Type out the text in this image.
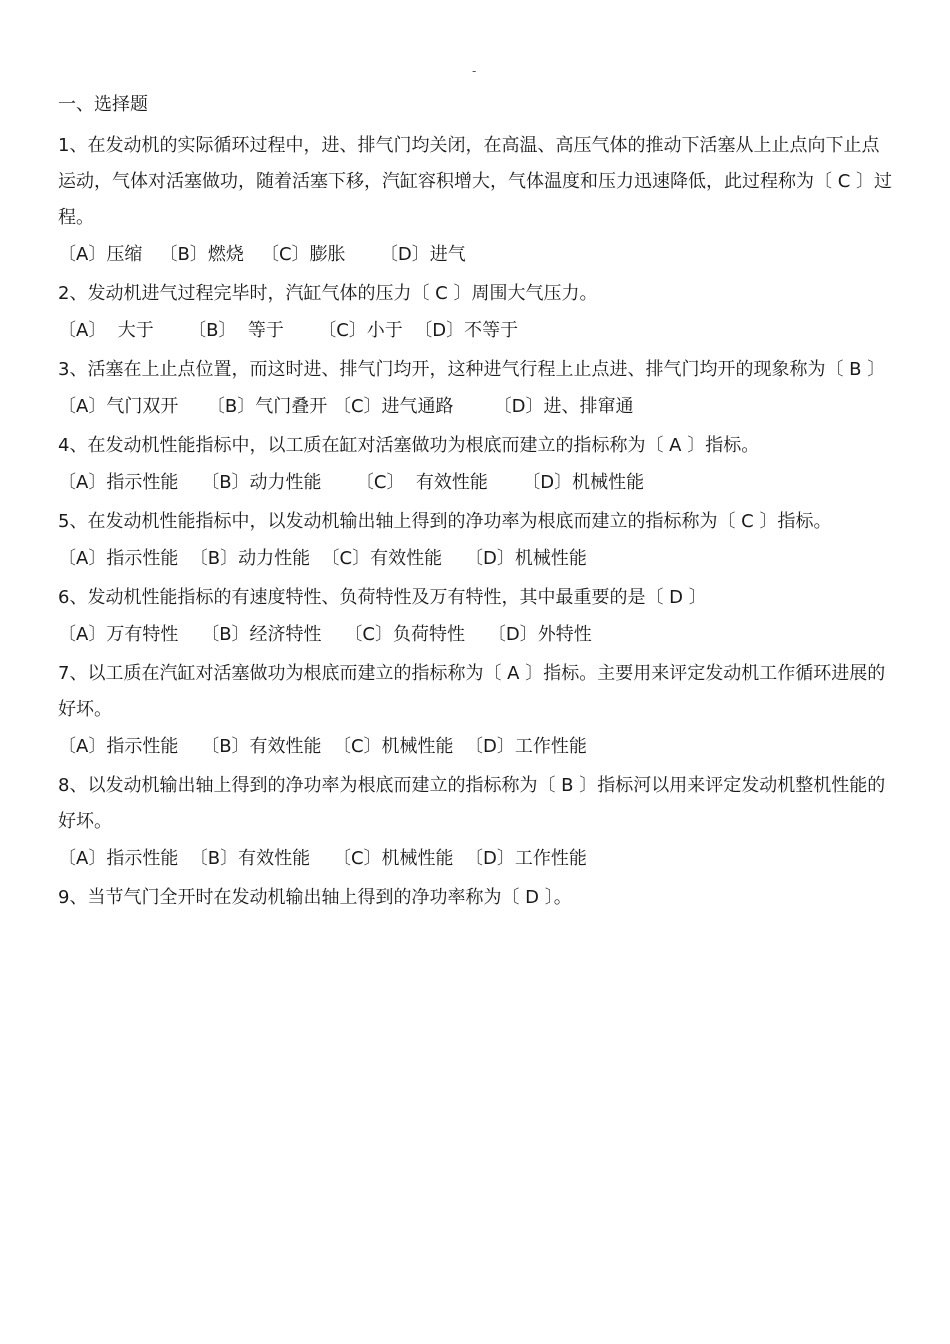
-
一、选择题

1、在发动机的实际循环过程中，进、排气门均关闭，在高温、高压气体的推动下活塞从上止点向下止点运动，气体对活塞做功，随着活塞下移，汽缸容积增大，气体温度和压力迅速降低，此过程称为〔 C 〕过程。

〔A〕压缩   〔B〕燃烧   〔C〕膨胀      〔D〕进气

2、发动机进气过程完毕时，汽缸气体的压力〔 C 〕周围大气压力。

〔A〕  大于      〔B〕  等于      〔C〕小于  〔D〕不等于

3、活塞在上止点位置，而这时进、排气门均开，这种进气行程上止点进、排气门均开的现象称为〔 B 〕

〔A〕气门双开     〔B〕气门叠开 〔C〕进气通路       〔D〕进、排窜通

4、在发动机性能指标中，以工质在缸对活塞做功为根底而建立的指标称为〔 A 〕指标。

〔A〕指示性能    〔B〕动力性能      〔C〕  有效性能      〔D〕机械性能

5、在发动机性能指标中，以发动机输出轴上得到的净功率为根底而建立的指标称为〔 C 〕指标。

〔A〕指示性能  〔B〕动力性能  〔C〕有效性能    〔D〕机械性能

6、发动机性能指标的有速度特性、负荷特性及万有特性，其中最重要的是〔 D 〕

〔A〕万有特性    〔B〕经济特性    〔C〕负荷特性    〔D〕外特性

7、以工质在汽缸对活塞做功为根底而建立的指标称为〔 A 〕指标。主要用来评定发动机工作循环进展的好坏。

〔A〕指示性能    〔B〕有效性能  〔C〕机械性能  〔D〕工作性能

8、以发动机输出轴上得到的净功率为根底而建立的指标称为〔 B 〕指标河以用来评定发动机整机性能的好坏。

〔A〕指示性能  〔B〕有效性能    〔C〕机械性能  〔D〕工作性能

9、当节气门全开时在发动机输出轴上得到的净功率称为〔 D 〕。
